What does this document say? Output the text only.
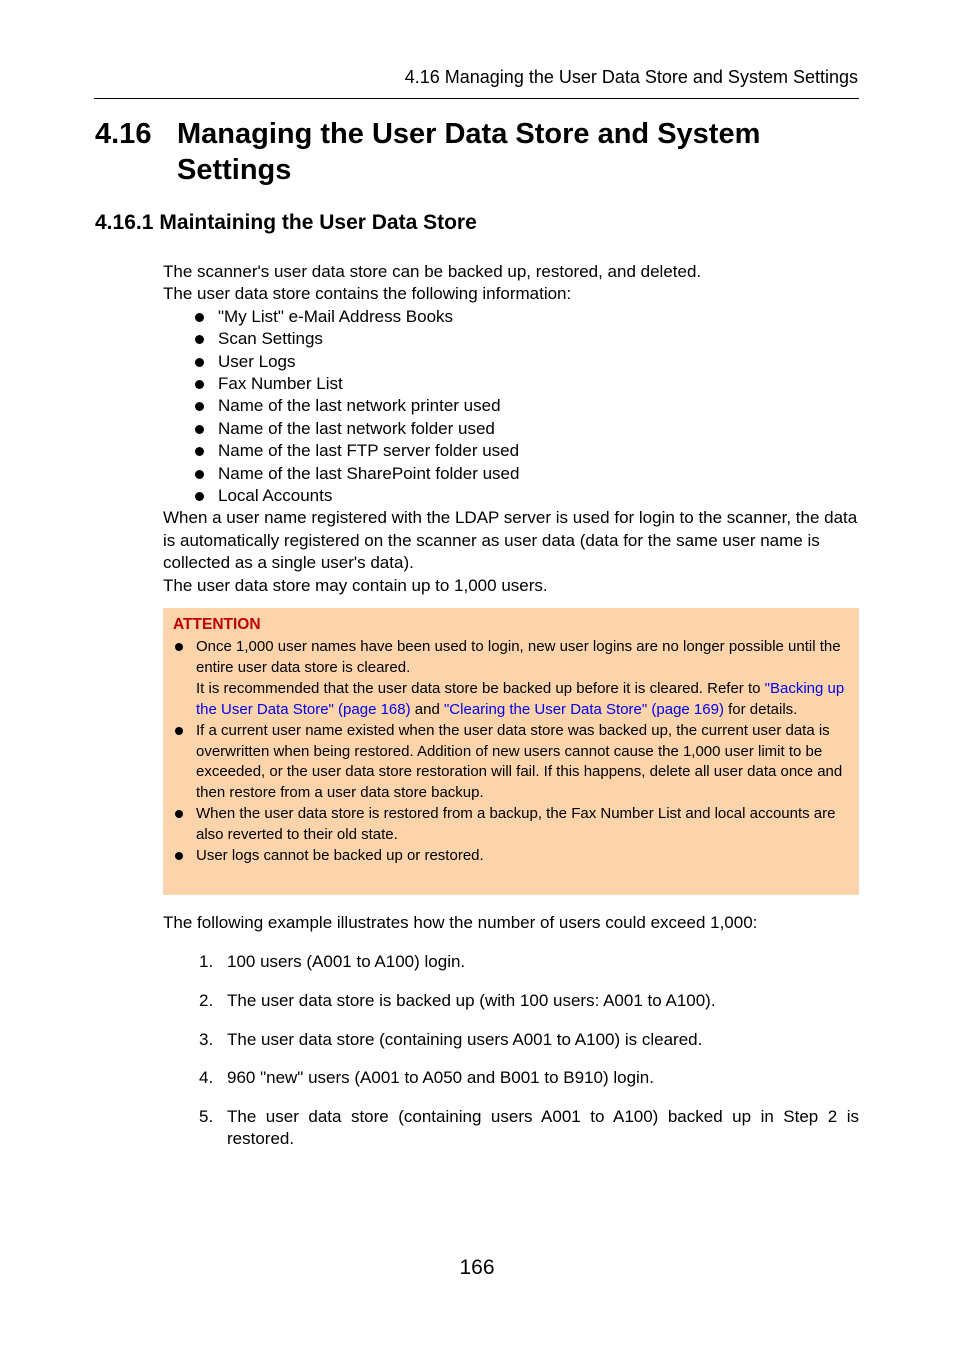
4.16 Managing the User Data Store and System Settings
4.16 Managing the User Data Store and System Settings
4.16.1 Maintaining the User Data Store

The scanner's user data store can be backed up, restored, and deleted.

The user data store contains the following information:

"My List" e-Mail Address Books
Scan Settings
User Logs
Fax Number List
Name of the last network printer used
Name of the last network folder used
Name of the last FTP server folder used
Name of the last SharePoint folder used
Local Accounts

When a user name registered with the LDAP server is used for login to the scanner, the data is automatically registered on the scanner as user data (data for the same user name is collected as a single user's data).

The user data store may contain up to 1,000 users.

ATTENTION

Once 1,000 user names have been used to login, new user logins are no longer possible until the entire user data store is cleared.

It is recommended that the user data store be backed up before it is cleared. Refer to "Backing up the User Data Store" (page 168) and "Clearing the User Data Store" (page 169) for details.

If a current user name existed when the user data store was backed up, the current user data is overwritten when being restored. Addition of new users cannot cause the 1,000 user limit to be exceeded, or the user data store restoration will fail. If this happens, delete all user data once and then restore from a user data store backup.

When the user data store is restored from a backup, the Fax Number List and local accounts are also reverted to their old state.

User logs cannot be backed up or restored.

The following example illustrates how the number of users could exceed 1,000:
1. 100 users (A001 to A100) login.
2. The user data store is backed up (with 100 users: A001 to A100).
3. The user data store (containing users A001 to A100) is cleared.
4. 960 "new" users (A001 to A050 and B001 to B910) login.
5. The user data store (containing users A001 to A100) backed up in Step 2 is restored.
166
